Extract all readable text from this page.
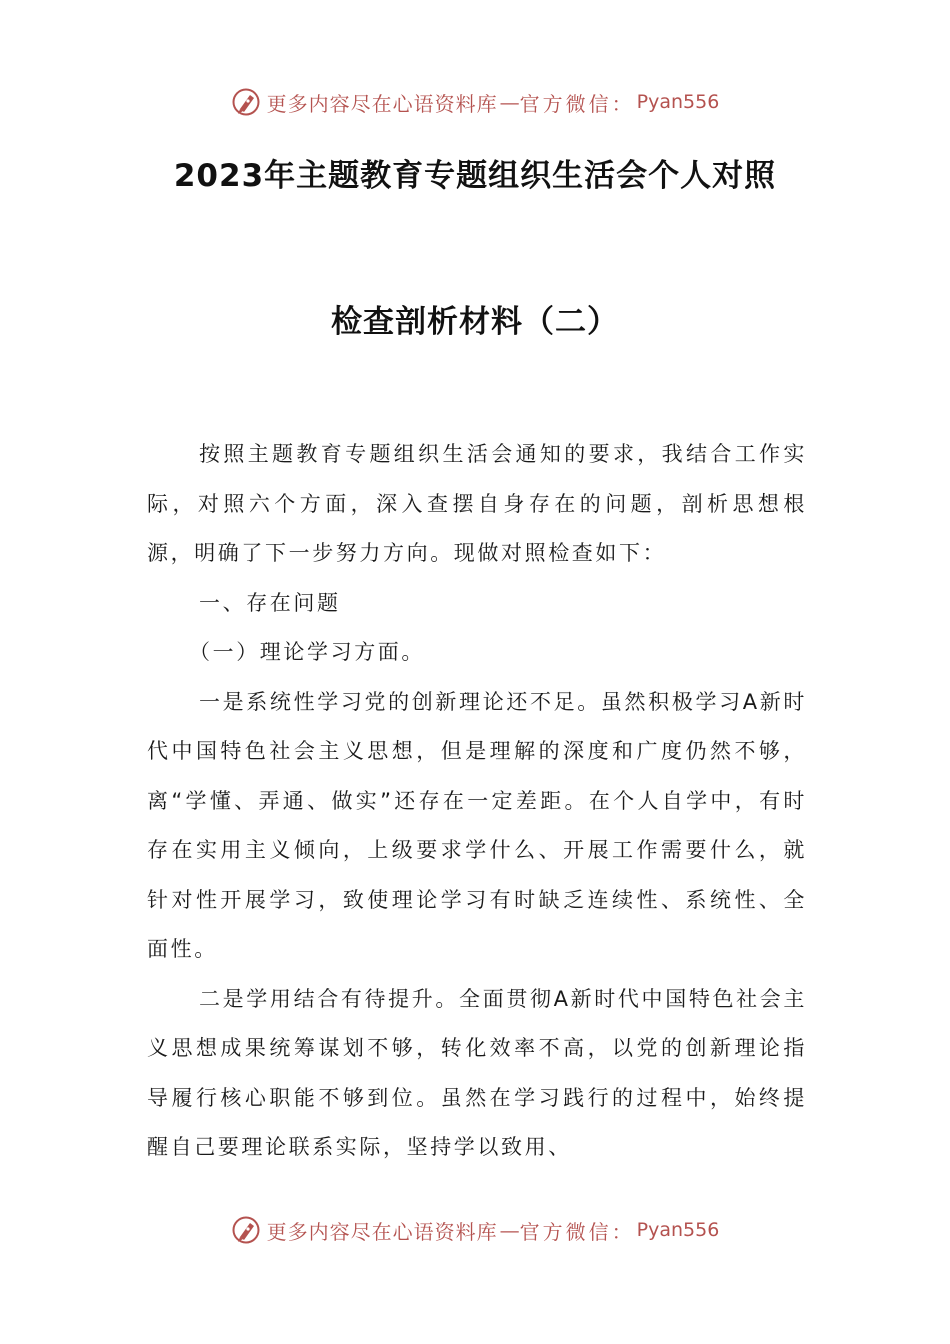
更多内容尽在心语资料库 — 官方微信： Pyan556
2023年主题教育专题组织生活会个人对照
检查剖析材料（二）

按照主题教育专题组织生活会通知的要求，我结合工作实际，对照六个方面，深入查摆自身存在的问题，剖析思想根源，明确了下一步努力方向。现做对照检查如下：

一、存在问题

（一）理论学习方面。

一是系统性学习党的创新理论还不足。虽然积极学习A新时代中国特色社会主义思想，但是理解的深度和广度仍然不够，离“学懂、弄通、做实”还存在一定差距。在个人自学中，有时存在实用主义倾向，上级要求学什么、开展工作需要什么，就针对性开展学习，致使理论学习有时缺乏连续性、系统性、全面性。

二是学用结合有待提升。全面贯彻A新时代中国特色社会主义思想成果统筹谋划不够，转化效率不高，以党的创新理论指导履行核心职能不够到位。虽然在学习践行的过程中，始终提醒自己要理论联系实际，坚持学以致用、

更多内容尽在心语资料库 — 官方微信： Pyan556
